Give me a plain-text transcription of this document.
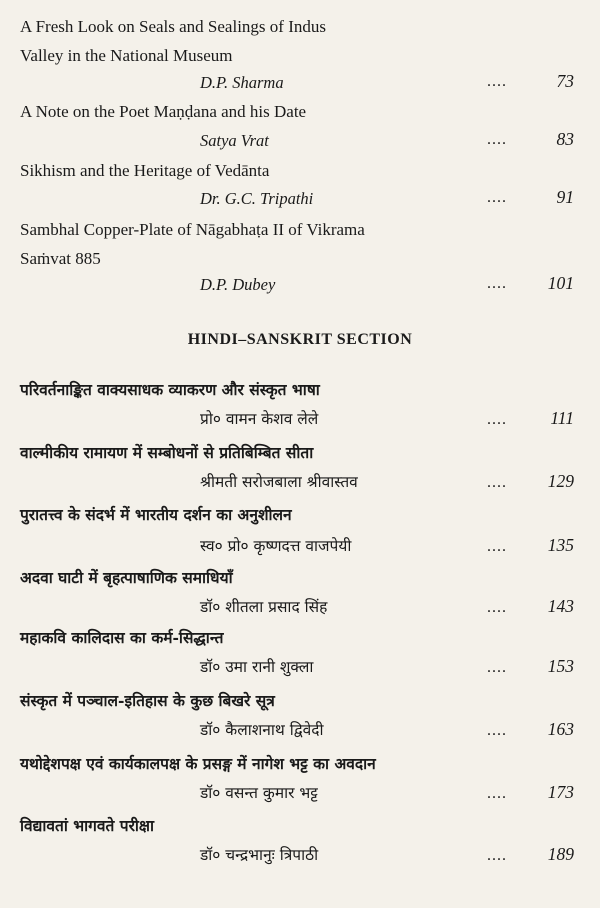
A Fresh Look on Seals and Sealings of Indus
Valley in the National Museum
D.P. Sharma	....	73
A Note on the Poet Maṇḍana and his Date
Satya Vrat	....	83
Sikhism and the Heritage of Vedānta
Dr. G.C. Tripathi	....	91
Sambhal Copper-Plate of Nāgabhaṭa II of Vikrama
Saṁvat 885
D.P. Dubey	....	101
HINDI–SANSKRIT SECTION
परिवर्तनाङ्कित वाक्यसाधक व्याकरण और संस्कृत भाषा
प्रो० वामन केशव लेले	....	111
वाल्मीकीय रामायण में सम्बोधनों से प्रतिबिम्बित सीता
श्रीमती सरोजबाला श्रीवास्तव	....	129
पुरातत्त्व के संदर्भ में भारतीय दर्शन का अनुशीलन
स्व० प्रो० कृष्णदत्त वाजपेयी	....	135
अदवा घाटी में बृहत्पाषाणिक समाधियाँ
डॉ० शीतला प्रसाद सिंह	....	143
महाकवि कालिदास का कर्म-सिद्धान्त
डॉ० उमा रानी शुक्ला	....	153
संस्कृत में पञ्चाल-इतिहास के कुछ बिखरे सूत्र
डॉ० कैलाशनाथ द्विवेदी	....	163
यथोद्देशपक्ष एवं कार्यकालपक्ष के प्रसङ्ग में नागेश भट्ट का अवदान
डॉ० वसन्त कुमार भट्ट	....	173
विद्यावतां भागवते परीक्षा
डॉ० चन्द्रभानुः त्रिपाठी	....	189
